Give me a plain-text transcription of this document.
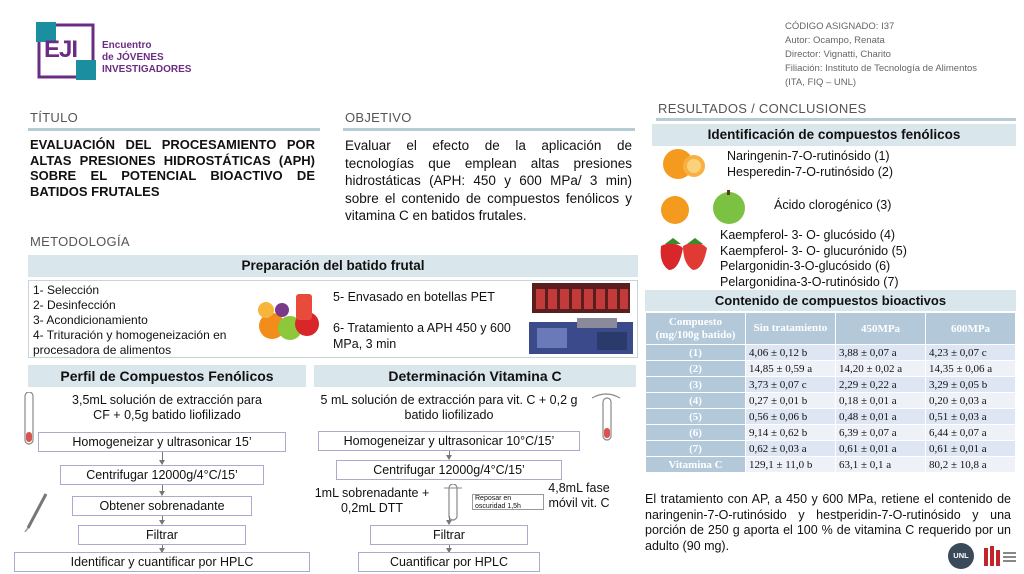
EJI Encuentro
de JÓVENES
INVESTIGADORES
CÓDIGO ASIGNADO: I37
Autor: Ocampo, Renata
Director: Vignatti, Charito
Filiación: Instituto de Tecnología de Alimentos
(ITA, FIQ – UNL)
TÍTULO
EVALUACIÓN DEL PROCESAMIENTO POR ALTAS PRESIONES HIDROSTÁTICAS (APH) SOBRE EL POTENCIAL BIOACTIVO DE BATIDOS FRUTALES
OBJETIVO
Evaluar el efecto de la aplicación de tecnologías que emplean altas presiones hidrostáticas (APH: 450 y 600 MPa/ 3 min) sobre el contenido de compuestos fenólicos y vitamina C en batidos frutales.
METODOLOGÍA
Preparación del batido frutal
1- Selección
2- Desinfección
3- Acondicionamiento
4- Trituración y homogeneización en procesadora de alimentos
5- Envasado en botellas PET
6- Tratamiento a APH 450 y 600 MPa, 3 min
Perfil de Compuestos Fenólicos
3,5mL solución de extracción para CF + 0,5g batido liofilizado
Homogeneizar y ultrasonicar 15’
Centrifugar 12000g/4°C/15’
Obtener sobrenadante
Filtrar
Identificar y cuantificar por HPLC
Determinación Vitamina C
5 mL solución de extracción para vit. C + 0,2 g batido liofilizado
Homogeneizar y ultrasonicar 10°C/15’
Centrifugar 12000g/4°C/15’
1mL sobrenadante + 0,2mL DTT
Reposar en oscuridad 1,5h
4,8mL fase móvil vit. C
Filtrar
Cuantificar por HPLC
RESULTADOS / CONCLUSIONES
Identificación de compuestos fenólicos
Naringenin-7-O-rutinósido (1)
Hesperedin-7-O-rutinósido (2)
Ácido clorogénico (3)
Kaempferol- 3- O- glucósido (4)
Kaempferol- 3- O- glucurónido (5)
Pelargonidin-3-O-glucósido (6)
Pelargonidina-3-O-rutinósido (7)
Contenido de compuestos bioactivos
Compuesto (mg/100g batido)	Sin tratamiento	450MPa	600MPa
(1)	4,06 ± 0,12 b	3,88 ± 0,07 a	4,23 ± 0,07 c
(2)	14,85 ± 0,59 a	14,20 ± 0,02 a	14,35 ± 0,06 a
(3)	3,73 ± 0,07 c	2,29 ± 0,22 a	3,29 ± 0,05 b
(4)	0,27 ± 0,01 b	0,18 ± 0,01 a	0,20 ± 0,03 a
(5)	0,56 ± 0,06 b	0,48 ± 0,01 a	0,51 ± 0,03 a
(6)	9,14 ± 0,62 b	6,39 ± 0,07 a	6,44 ± 0,07 a
(7)	0,62 ± 0,03 a	0,61 ± 0,01 a	0,61 ± 0,01 a
Vitamina C	129,1 ± 11,0 b	63,1 ± 0,1 a	80,2 ± 10,8 a
El tratamiento con AP, a 450 y 600 MPa, retiene el contenido de naringenin-7-O-rutinósido y hestperidin-7-O-rutinósido y una porción de 250 g aporta el 100 % de vitamina C requerido por un adulto (90 mg).
UNL
